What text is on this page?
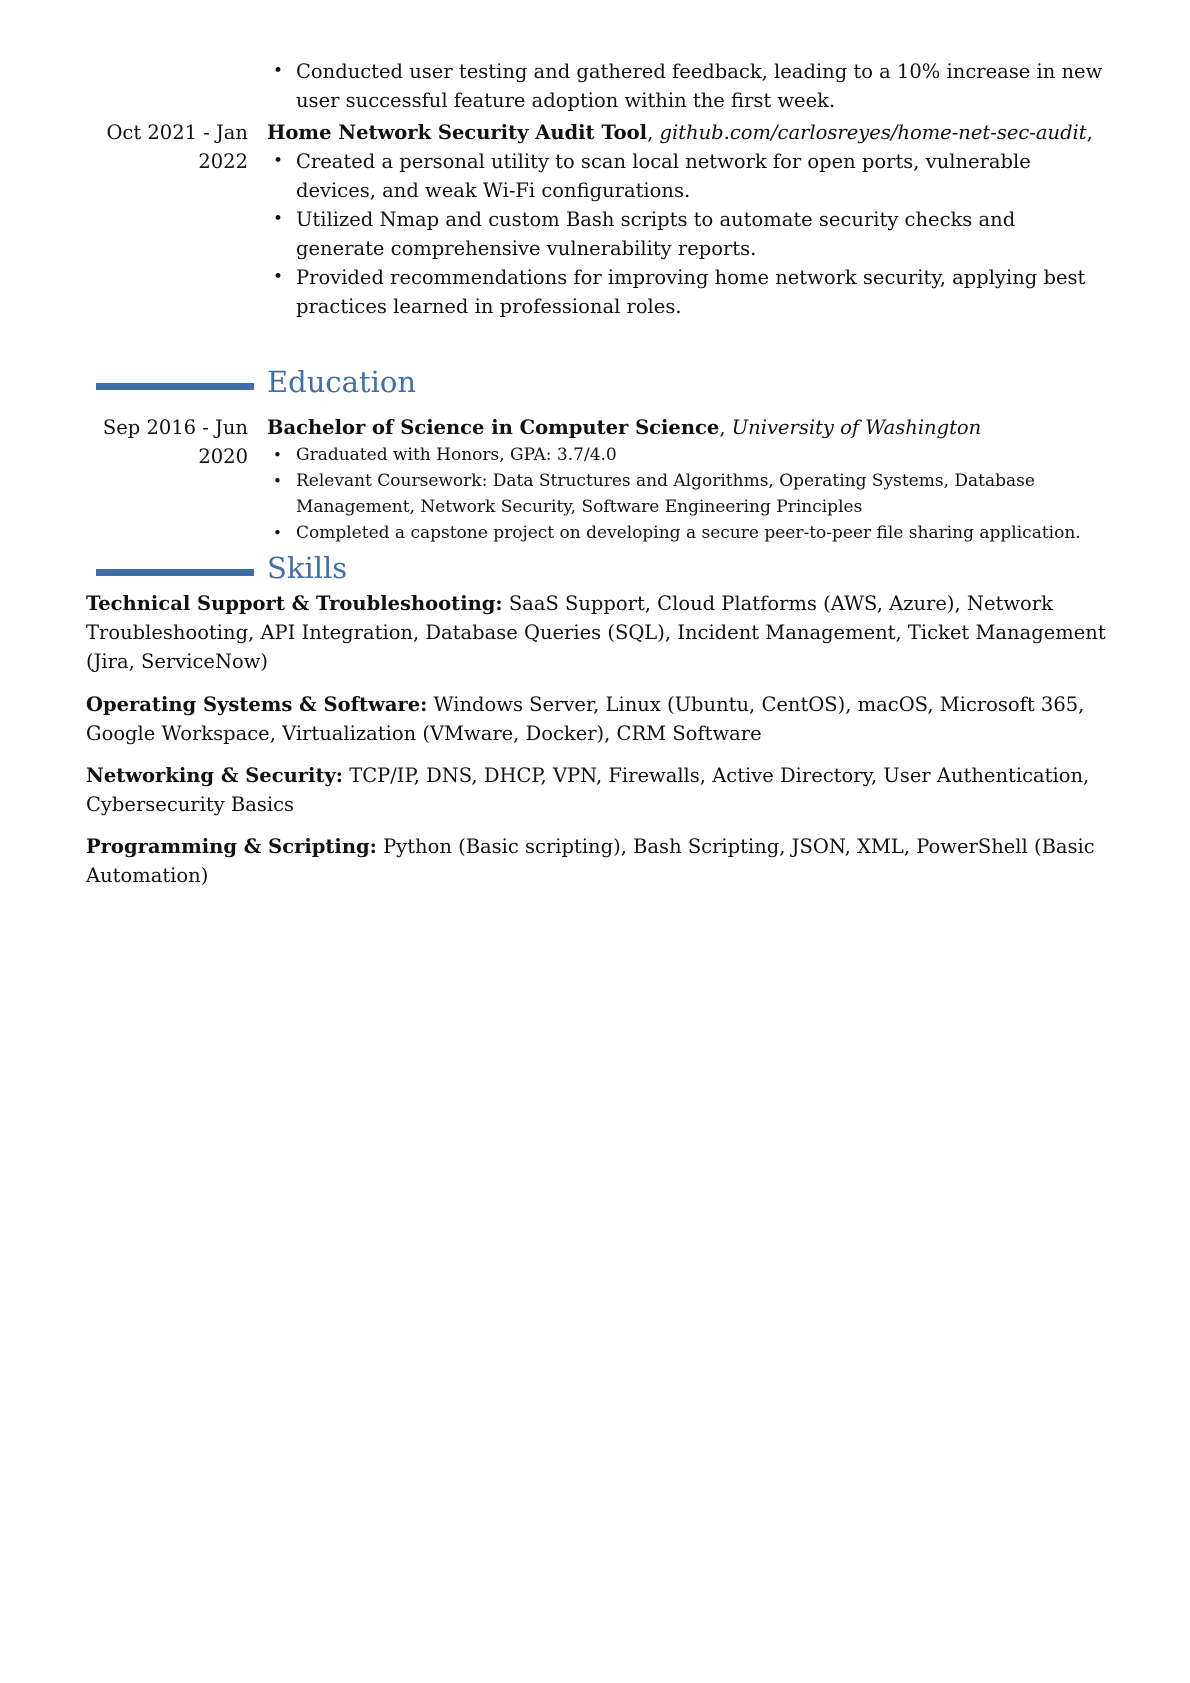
• Conducted user testing and gathered feedback, leading to a 10% increase in new user successful feature adoption within the first week.
Oct 2021 - Jan 2022
Home Network Security Audit Tool, github.com/carlosreyes/home-net-sec-audit,
• Created a personal utility to scan local network for open ports, vulnerable devices, and weak Wi-Fi configurations.
• Utilized Nmap and custom Bash scripts to automate security checks and generate comprehensive vulnerability reports.
• Provided recommendations for improving home network security, applying best practices learned in professional roles.
Education
Sep 2016 - Jun 2020
Bachelor of Science in Computer Science, University of Washington
• Graduated with Honors, GPA: 3.7/4.0
• Relevant Coursework: Data Structures and Algorithms, Operating Systems, Database Management, Network Security, Software Engineering Principles
• Completed a capstone project on developing a secure peer-to-peer file sharing application.
Skills
Technical Support & Troubleshooting: SaaS Support, Cloud Platforms (AWS, Azure), Network Troubleshooting, API Integration, Database Queries (SQL), Incident Management, Ticket Management (Jira, ServiceNow)
Operating Systems & Software: Windows Server, Linux (Ubuntu, CentOS), macOS, Microsoft 365, Google Workspace, Virtualization (VMware, Docker), CRM Software
Networking & Security: TCP/IP, DNS, DHCP, VPN, Firewalls, Active Directory, User Authentication, Cybersecurity Basics
Programming & Scripting: Python (Basic scripting), Bash Scripting, JSON, XML, PowerShell (Basic Automation)
